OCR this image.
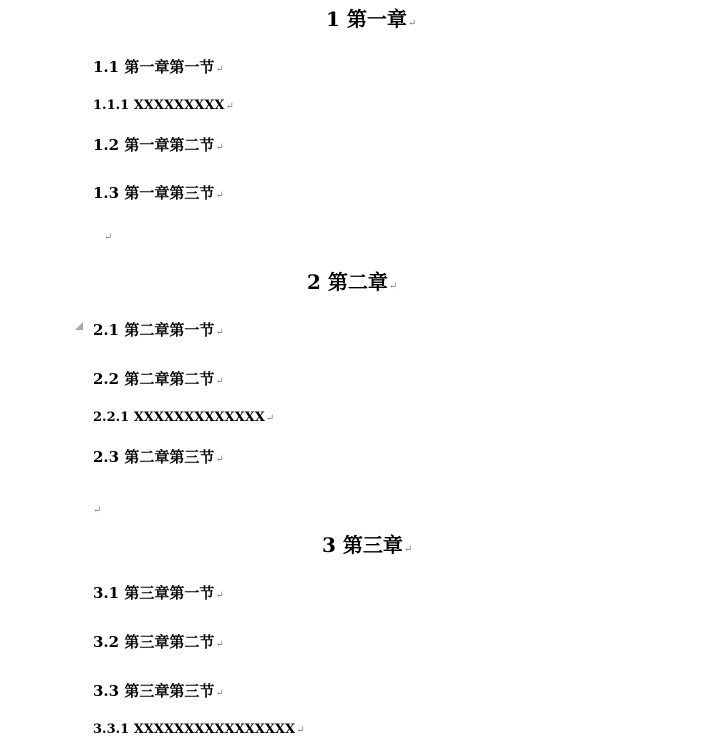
1 第一章↵
1.1 第一章第一节↵
1.1.1 XXXXXXXXX↵
1.2 第一章第二节↵
1.3 第一章第三节↵
↵
2 第二章↵
2.1 第二章第一节↵
2.2 第二章第二节↵
2.2.1 XXXXXXXXXXXXX↵
2.3 第二章第三节↵
↵
3 第三章↵
3.1 第三章第一节↵
3.2 第三章第二节↵
3.3 第三章第三节↵
3.3.1 XXXXXXXXXXXXXXXX↵
